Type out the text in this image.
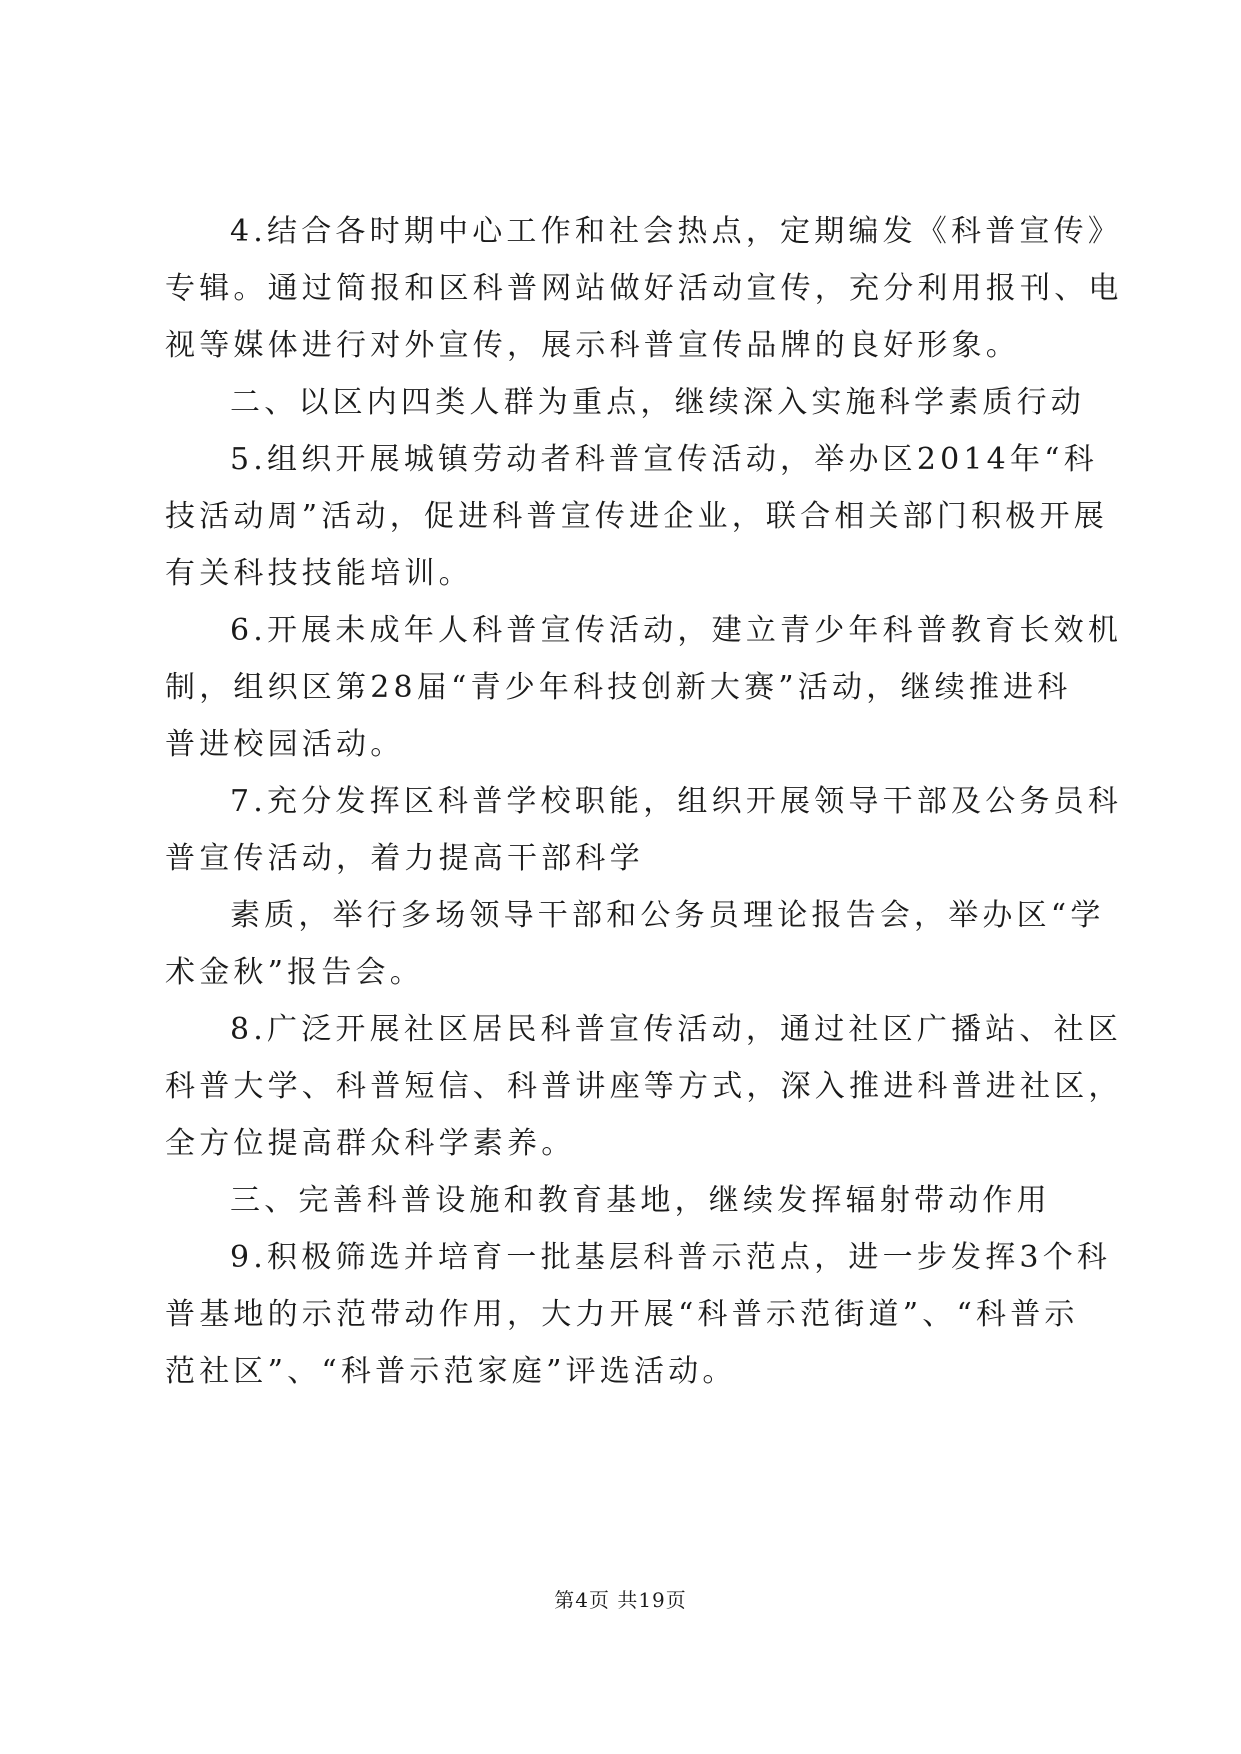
4.结合各时期中心工作和社会热点，定期编发《科普宣传》
专辑。通过简报和区科普网站做好活动宣传，充分利用报刊、电
视等媒体进行对外宣传，展示科普宣传品牌的良好形象。
二、以区内四类人群为重点，继续深入实施科学素质行动
5.组织开展城镇劳动者科普宣传活动，举办区2014年“科
技活动周”活动，促进科普宣传进企业，联合相关部门积极开展
有关科技技能培训。
6.开展未成年人科普宣传活动，建立青少年科普教育长效机
制，组织区第28届“青少年科技创新大赛”活动，继续推进科
普进校园活动。
7.充分发挥区科普学校职能，组织开展领导干部及公务员科
普宣传活动，着力提高干部科学
素质，举行多场领导干部和公务员理论报告会，举办区“学
术金秋”报告会。
8.广泛开展社区居民科普宣传活动，通过社区广播站、社区
科普大学、科普短信、科普讲座等方式，深入推进科普进社区，
全方位提高群众科学素养。
三、完善科普设施和教育基地，继续发挥辐射带动作用
9.积极筛选并培育一批基层科普示范点，进一步发挥3个科
普基地的示范带动作用，大力开展“科普示范街道”、“科普示
范社区”、“科普示范家庭”评选活动。
第4页 共19页
